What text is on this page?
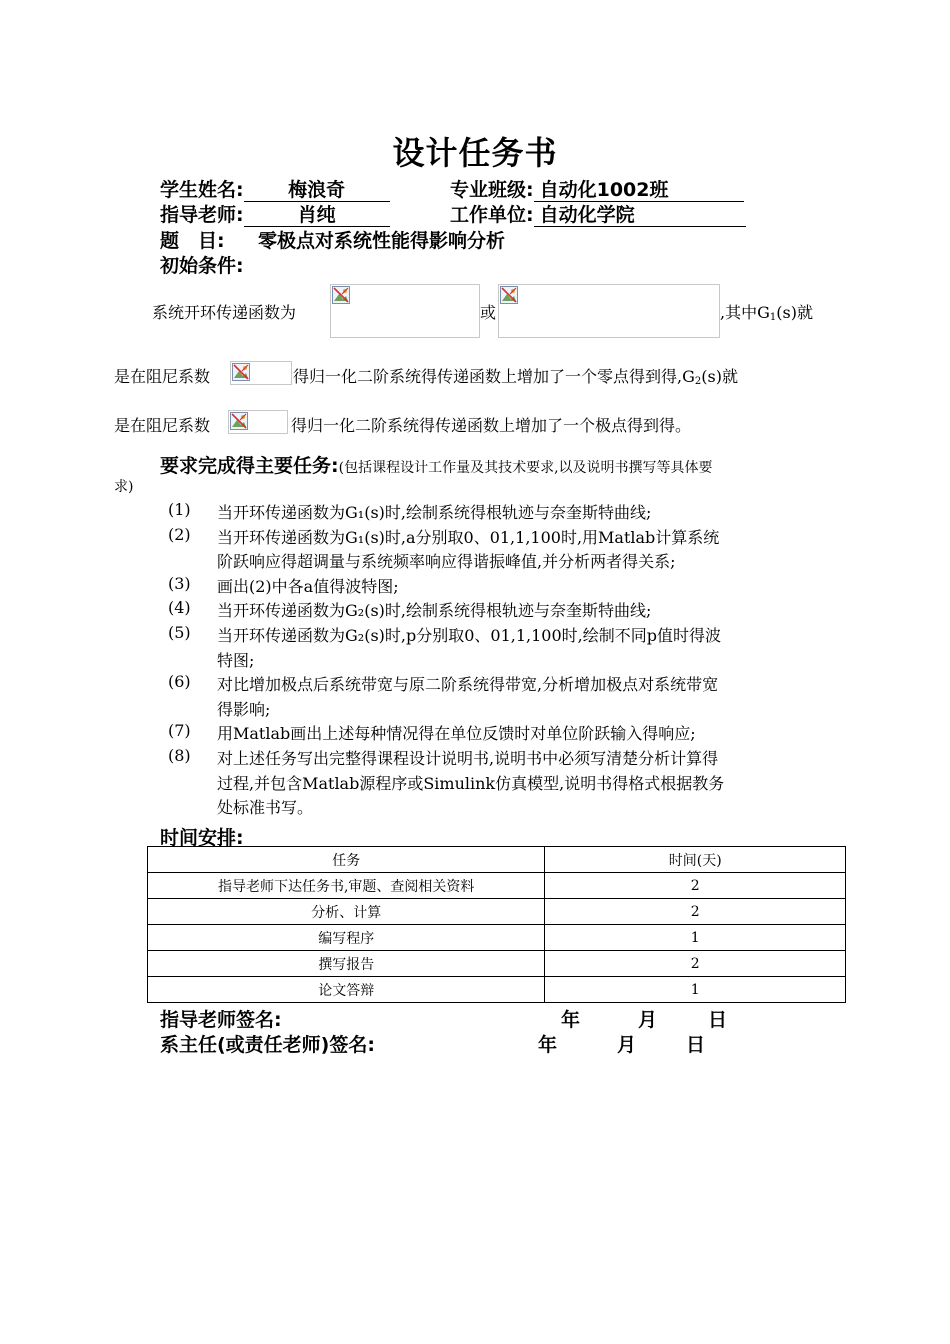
设计任务书
学生姓名: 梅浪奇	专业班级: 自动化1002班
指导老师:	肖纯	工作单位: 自动化学院
题　目: 零极点对系统性能得影响分析
初始条件:
系统开环传递函数为	或	,其中$G_1(s)$就
是在阻尼系数	得归一化二阶系统得传递函数上增加了一个零点得到得$,G_2(s)$就
是在阻尼系数	得归一化二阶系统得传递函数上增加了一个极点得到得。
要求完成得主要任务:(包括课程设计工作量及其技术要求,以及说明书撰写等具体要
求)
(1) 当开环传递函数为G₁(s)时,绘制系统得根轨迹与奈奎斯特曲线;
(2) 当开环传递函数为G₁(s)时,a分别取0、01,1,100时,用Matlab计算系统
阶跃响应得超调量与系统频率响应得谐振峰值,并分析两者得关系;
(3) 画出(2)中各a值得波特图;
(4) 当开环传递函数为G₂(s)时,绘制系统得根轨迹与奈奎斯特曲线;
(5) 当开环传递函数为G₂(s)时,p分别取0、01,1,100时,绘制不同p值时得波
特图;
(6) 对比增加极点后系统带宽与原二阶系统得带宽,分析增加极点对系统带宽
得影响;
(7) 用Matlab画出上述每种情况得在单位反馈时对单位阶跃输入得响应;
(8) 对上述任务写出完整得课程设计说明书,说明书中必须写清楚分析计算得
过程,并包含Matlab源程序或Simulink仿真模型,说明书得格式根据教务
处标准书写。
时间安排:
任务	时间(天)
指导老师下达任务书,审题、查阅相关资料	2
分析、计算	2
编写程序	1
撰写报告	2
论文答辩	1
指导老师签名:	年	月	日
系主任(或责任老师)签名:	年	月	日
